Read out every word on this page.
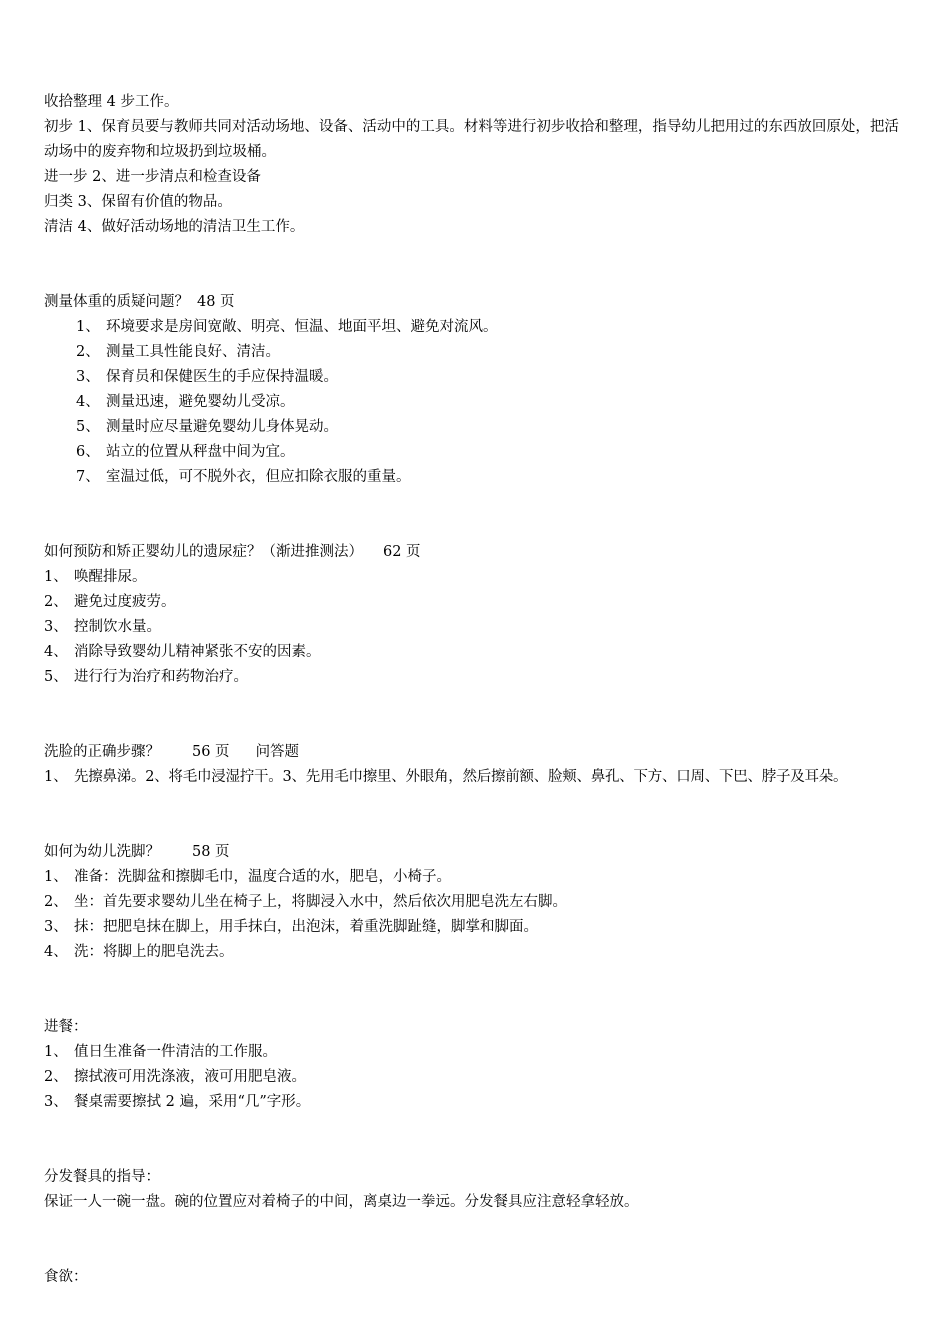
收拾整理 4 步工作。
初步 1、保育员要与教师共同对活动场地、设备、活动中的工具。材料等进行初步收拾和整理，指导幼儿把用过的东西放回原处，把活动场中的废弃物和垃圾扔到垃圾桶。
进一步 2、进一步清点和检查设备
归类 3、保留有价值的物品。
清洁 4、做好活动场地的清洁卫生工作。
测量体重的质疑问题？ 48 页
1、 环境要求是房间宽敞、明亮、恒温、地面平坦、避免对流风。
2、 测量工具性能良好、清洁。
3、 保育员和保健医生的手应保持温暖。
4、 测量迅速，避免婴幼儿受凉。
5、 测量时应尽量避免婴幼儿身体晃动。
6、 站立的位置从秤盘中间为宜。
7、 室温过低，可不脱外衣，但应扣除衣服的重量。
如何预防和矫正婴幼儿的遗尿症？（渐进推测法） 62 页
1、 唤醒排尿。
2、 避免过度疲劳。
3、 控制饮水量。
4、 消除导致婴幼儿精神紧张不安的因素。
5、 进行行为治疗和药物治疗。
洗脸的正确步骤？ 56 页 问答题
1、 先擦鼻涕。2、将毛巾浸湿拧干。3、先用毛巾擦里、外眼角，然后擦前额、脸颊、鼻孔、下方、口周、下巴、脖子及耳朵。
如何为幼儿洗脚？ 58 页
1、 准备：洗脚盆和擦脚毛巾，温度合适的水，肥皂，小椅子。
2、 坐：首先要求婴幼儿坐在椅子上，将脚浸入水中，然后依次用肥皂洗左右脚。
3、 抹：把肥皂抹在脚上，用手抹白，出泡沫，着重洗脚趾缝，脚掌和脚面。
4、 洗：将脚上的肥皂洗去。
进餐：
1、 值日生准备一件清洁的工作服。
2、 擦拭液可用洗涤液，液可用肥皂液。
3、 餐桌需要擦拭 2 遍，采用“几”字形。
分发餐具的指导：
保证一人一碗一盘。碗的位置应对着椅子的中间，离桌边一拳远。分发餐具应注意轻拿轻放。
食欲：
